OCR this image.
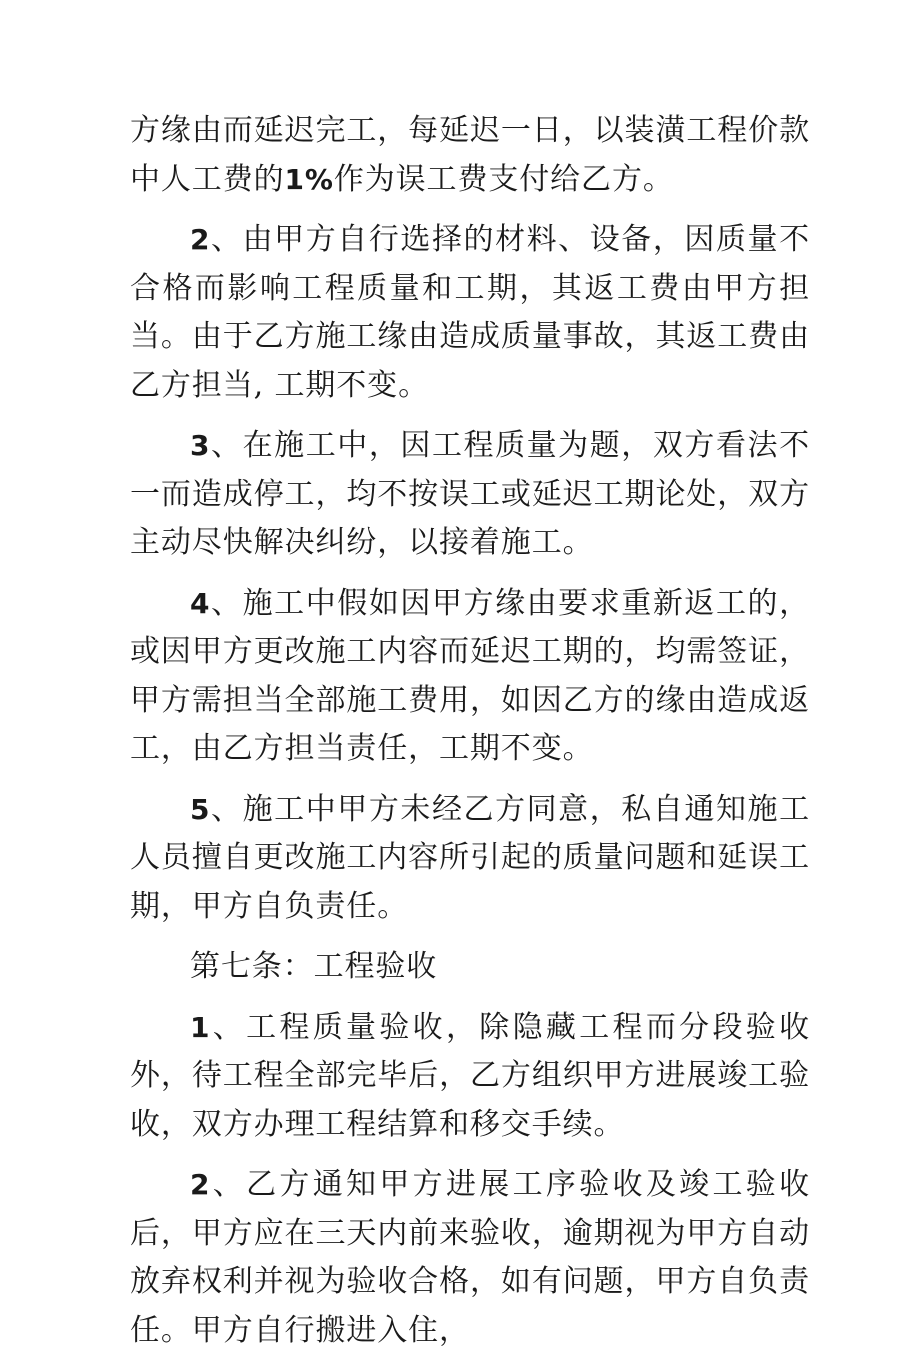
方缘由而延迟完工，每延迟一日，以装潢工程价款中人工费的1%作为误工费支付给乙方。

2、由甲方自行选择的材料、设备，因质量不合格而影响工程质量和工期，其返工费由甲方担当。由于乙方施工缘由造成质量事故，其返工费由乙方担当, 工期不变。

3、在施工中，因工程质量为题，双方看法不一而造成停工，均不按误工或延迟工期论处，双方主动尽快解决纠纷，以接着施工。

4、施工中假如因甲方缘由要求重新返工的，或因甲方更改施工内容而延迟工期的，均需签证，甲方需担当全部施工费用，如因乙方的缘由造成返工，由乙方担当责任，工期不变。

5、施工中甲方未经乙方同意，私自通知施工人员擅自更改施工内容所引起的质量问题和延误工期，甲方自负责任。

第七条：工程验收

1、工程质量验收，除隐藏工程而分段验收外，待工程全部完毕后，乙方组织甲方进展竣工验收，双方办理工程结算和移交手续。

2、乙方通知甲方进展工序验收及竣工验收后，甲方应在三天内前来验收，逾期视为甲方自动放弃权利并视为验收合格，如有问题，甲方自负责任。甲方自行搬进入住，
